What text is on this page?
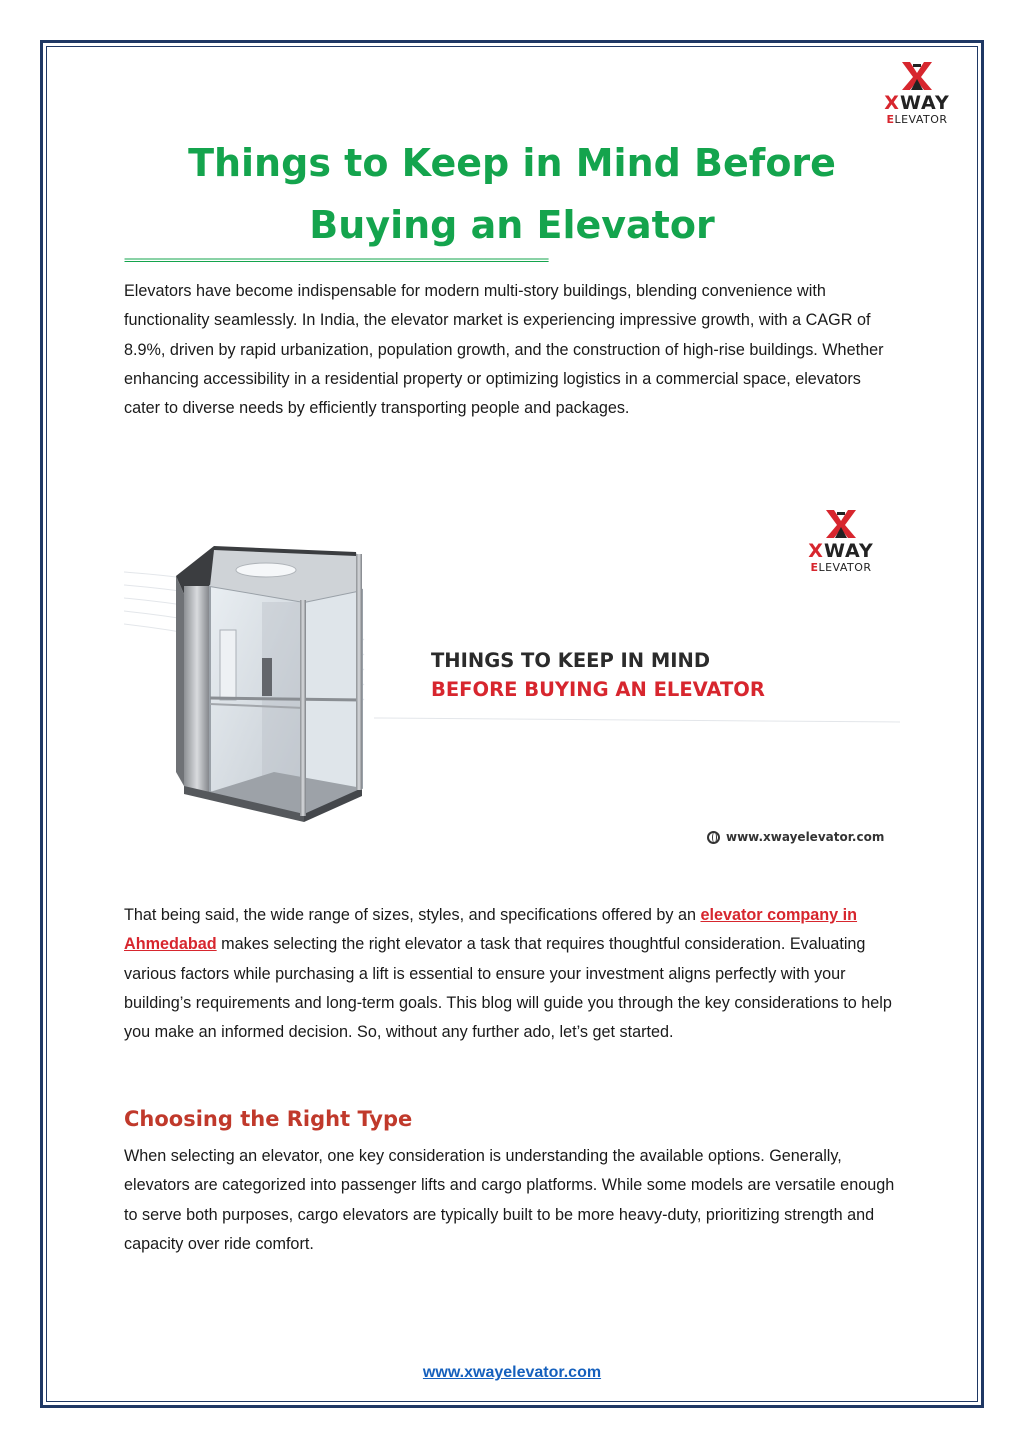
XWAY
ELEVATOR
Things to Keep in Mind Before Buying an Elevator
==========================================================================

Elevators have become indispensable for modern multi-story buildings, blending convenience with functionality seamlessly. In India, the elevator market is experiencing impressive growth, with a CAGR of 8.9%, driven by rapid urbanization, population growth, and the construction of high-rise buildings. Whether enhancing accessibility in a residential property or optimizing logistics in a commercial space, elevators cater to diverse needs by efficiently transporting people and packages.

XWAY
ELEVATOR
THINGS TO KEEP IN MIND
BEFORE BUYING AN ELEVATOR
www.xwayelevator.com

That being said, the wide range of sizes, styles, and specifications offered by an elevator company in Ahmedabad makes selecting the right elevator a task that requires thoughtful consideration. Evaluating various factors while purchasing a lift is essential to ensure your investment aligns perfectly with your building’s requirements and long-term goals. This blog will guide you through the key considerations to help you make an informed decision. So, without any further ado, let’s get started.

Choosing the Right Type

When selecting an elevator, one key consideration is understanding the available options. Generally, elevators are categorized into passenger lifts and cargo platforms. While some models are versatile enough to serve both purposes, cargo elevators are typically built to be more heavy-duty, prioritizing strength and capacity over ride comfort.

www.xwayelevator.com
